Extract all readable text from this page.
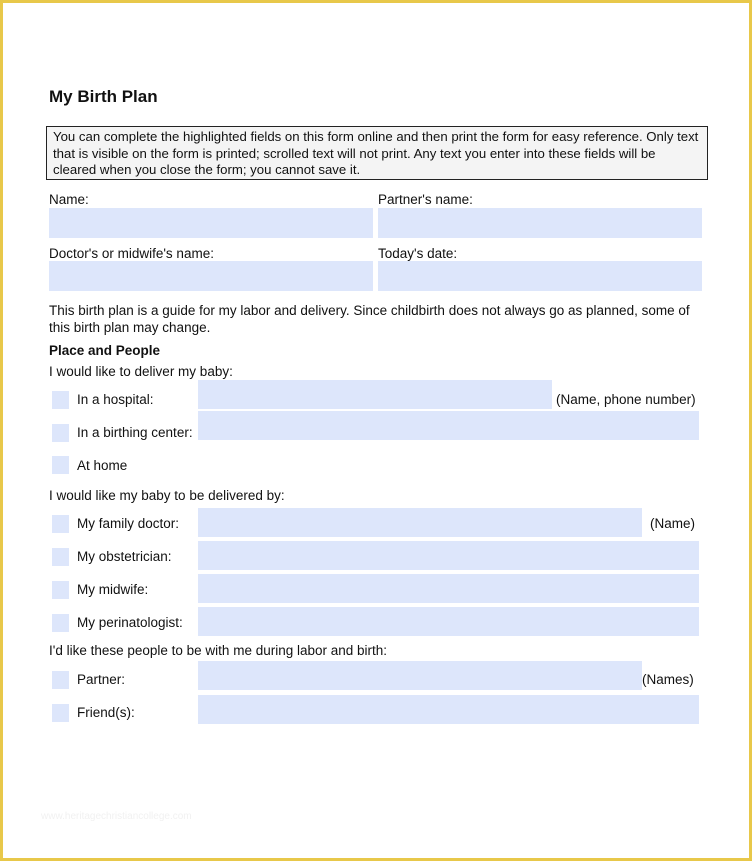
My Birth Plan
You can complete the highlighted fields on this form online and then print the form for easy reference. Only text that is visible on the form is printed; scrolled text will not print. Any text you enter into these fields will be cleared when you close the form; you cannot save it.
Name:	Partner's name:
Doctor's or midwife's name:	Today's date:
This birth plan is a guide for my labor and delivery. Since childbirth does not always go as planned, some of this birth plan may change.
Place and People
I would like to deliver my baby:
In a hospital:	(Name, phone number)
In a birthing center:
At home
I would like my baby to be delivered by:
My family doctor:	(Name)
My obstetrician:
My midwife:
My perinatologist:
I'd like these people to be with me during labor and birth:
Partner:	(Names)
Friend(s):
www.heritagechristiancollege.com
